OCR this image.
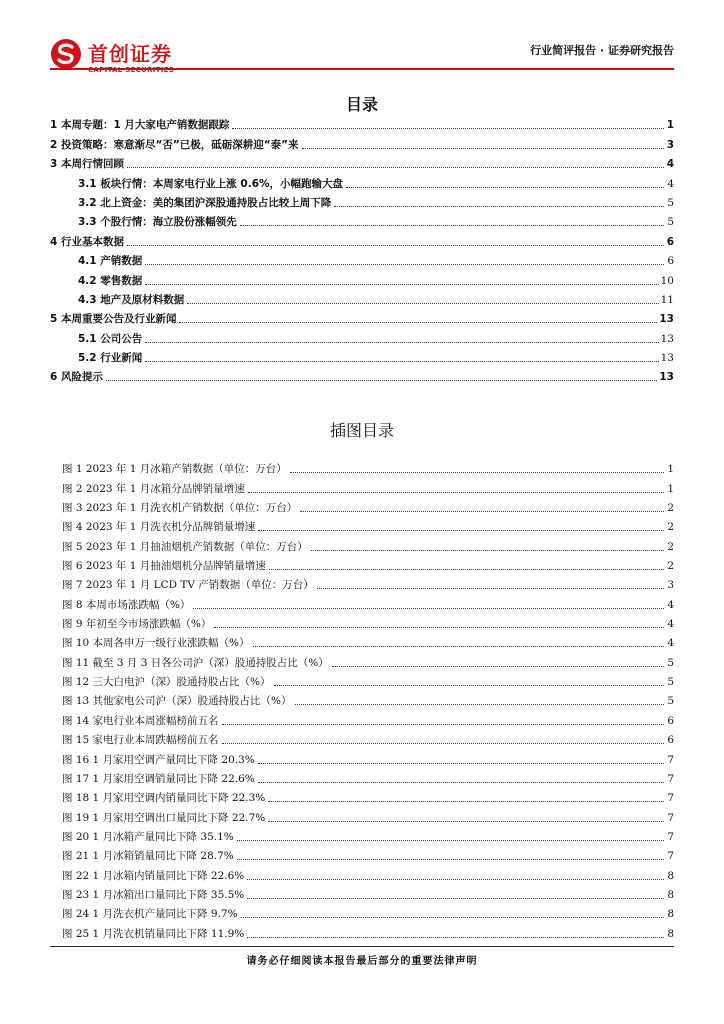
首创证券
CAPITAL SECURITIES
行业简评报告 · 证券研究报告
目录
1 本周专题：1 月大家电产销数据跟踪	1
2 投资策略：寒意渐尽“否”已极，砥砺深耕迎“泰”来	3
3 本周行情回顾	4
3.1 板块行情：本周家电行业上涨 0.6%，小幅跑输大盘	4
3.2 北上资金：美的集团沪深股通持股占比较上周下降	5
3.3 个股行情：海立股份涨幅领先	5
4 行业基本数据	6
4.1 产销数据	6
4.2 零售数据	10
4.3 地产及原材料数据	11
5 本周重要公告及行业新闻	13
5.1 公司公告	13
5.2 行业新闻	13
6 风险提示	13
插图目录
图 1 2023 年 1 月冰箱产销数据（单位：万台）	1
图 2 2023 年 1 月冰箱分品牌销量增速	1
图 3 2023 年 1 月洗衣机产销数据（单位：万台）	2
图 4 2023 年 1 月洗衣机分品牌销量增速	2
图 5 2023 年 1 月抽油烟机产销数据（单位：万台）	2
图 6 2023 年 1 月抽油烟机分品牌销量增速	2
图 7 2023 年 1 月 LCD TV 产销数据（单位：万台）	3
图 8 本周市场涨跌幅（%）	4
图 9 年初至今市场涨跌幅（%）	4
图 10 本周各申万一级行业涨跌幅（%）	4
图 11 截至 3 月 3 日各公司沪（深）股通持股占比（%）	5
图 12 三大白电沪（深）股通持股占比（%）	5
图 13 其他家电公司沪（深）股通持股占比（%）	5
图 14 家电行业本周涨幅榜前五名	6
图 15 家电行业本周跌幅榜前五名	6
图 16 1 月家用空调产量同比下降 20.3%	7
图 17 1 月家用空调销量同比下降 22.6%	7
图 18 1 月家用空调内销量同比下降 22.3%	7
图 19 1 月家用空调出口量同比下降 22.7%	7
图 20 1 月冰箱产量同比下降 35.1%	7
图 21 1 月冰箱销量同比下降 28.7%	7
图 22 1 月冰箱内销量同比下降 22.6%	8
图 23 1 月冰箱出口量同比下降 35.5%	8
图 24 1 月洗衣机产量同比下降 9.7%	8
图 25 1 月洗衣机销量同比下降 11.9%	8
请务必仔细阅读本报告最后部分的重要法律声明
